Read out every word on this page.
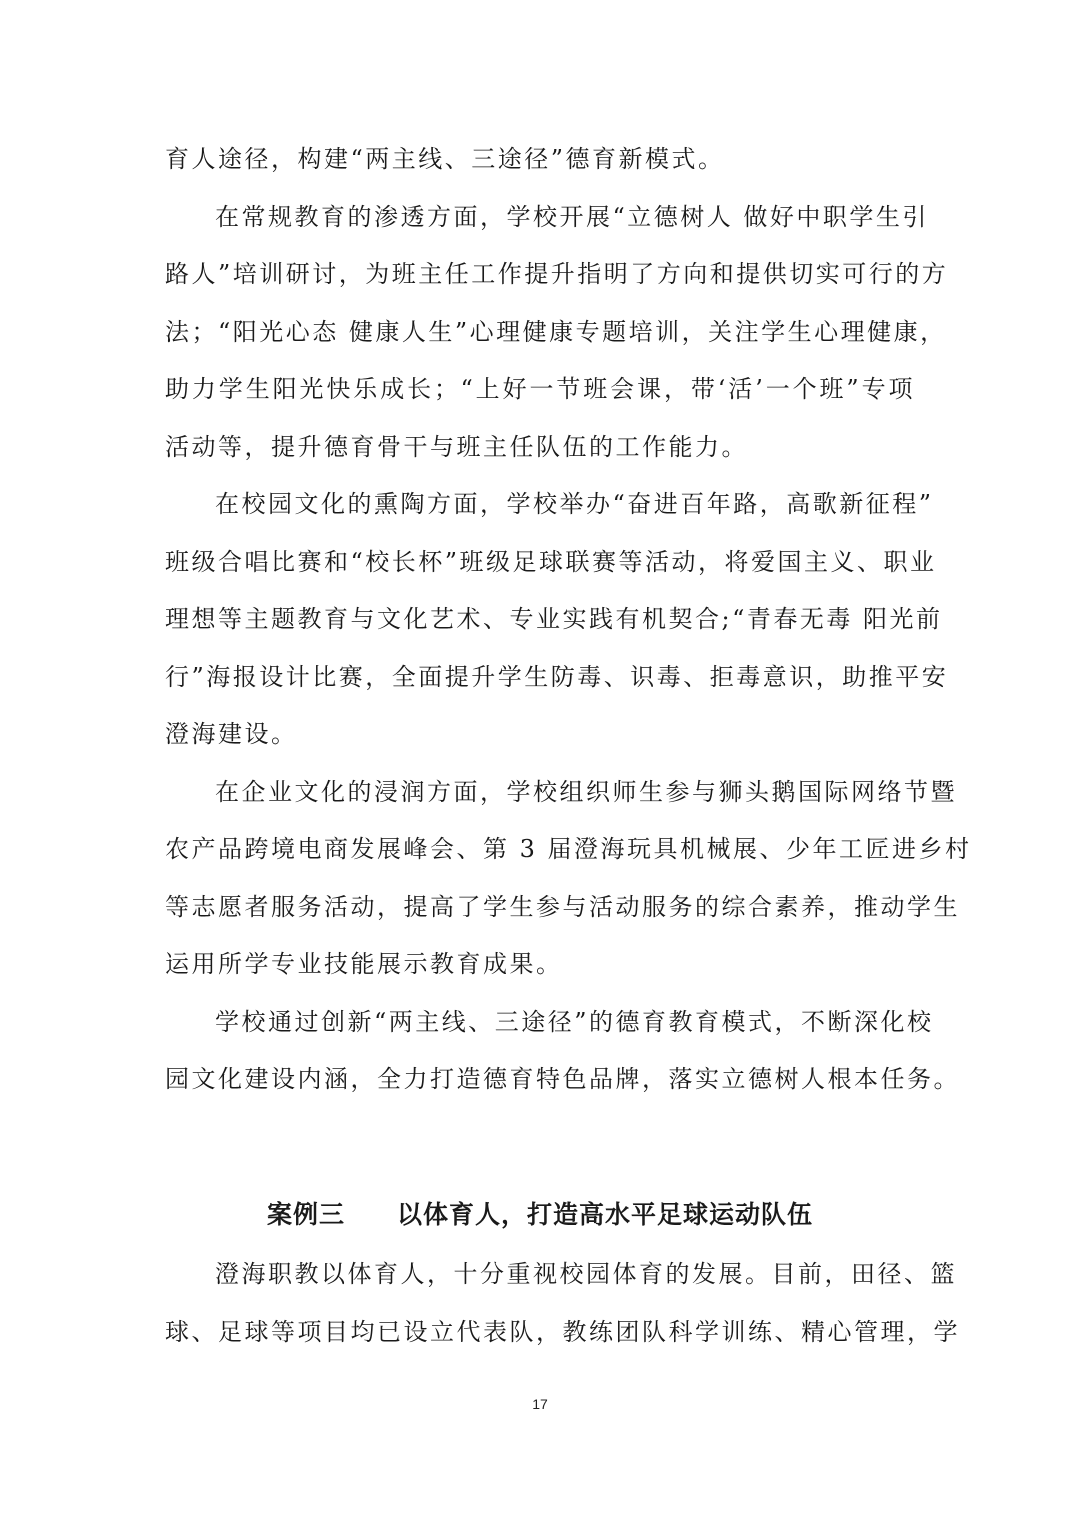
育人途径，构建“两主线、三途径”德育新模式。
在常规教育的渗透方面，学校开展“立德树人 做好中职学生引
路人”培训研讨，为班主任工作提升指明了方向和提供切实可行的方
法；“阳光心态 健康人生”心理健康专题培训，关注学生心理健康，
助力学生阳光快乐成长；“上好一节班会课，带‘活’一个班”专项
活动等，提升德育骨干与班主任队伍的工作能力。
在校园文化的熏陶方面，学校举办“奋进百年路，高歌新征程”
班级合唱比赛和“校长杯”班级足球联赛等活动，将爱国主义、职业
理想等主题教育与文化艺术、专业实践有机契合;“青春无毒 阳光前
行”海报设计比赛，全面提升学生防毒、识毒、拒毒意识，助推平安
澄海建设。
在企业文化的浸润方面，学校组织师生参与狮头鹅国际网络节暨
农产品跨境电商发展峰会、第 3 届澄海玩具机械展、少年工匠进乡村
等志愿者服务活动，提高了学生参与活动服务的综合素养，推动学生
运用所学专业技能展示教育成果。
学校通过创新“两主线、三途径”的德育教育模式，不断深化校
园文化建设内涵，全力打造德育特色品牌，落实立德树人根本任务。
案例三 以体育人，打造高水平足球运动队伍
澄海职教以体育人，十分重视校园体育的发展。目前，田径、篮
球、足球等项目均已设立代表队，教练团队科学训练、精心管理，学
17
